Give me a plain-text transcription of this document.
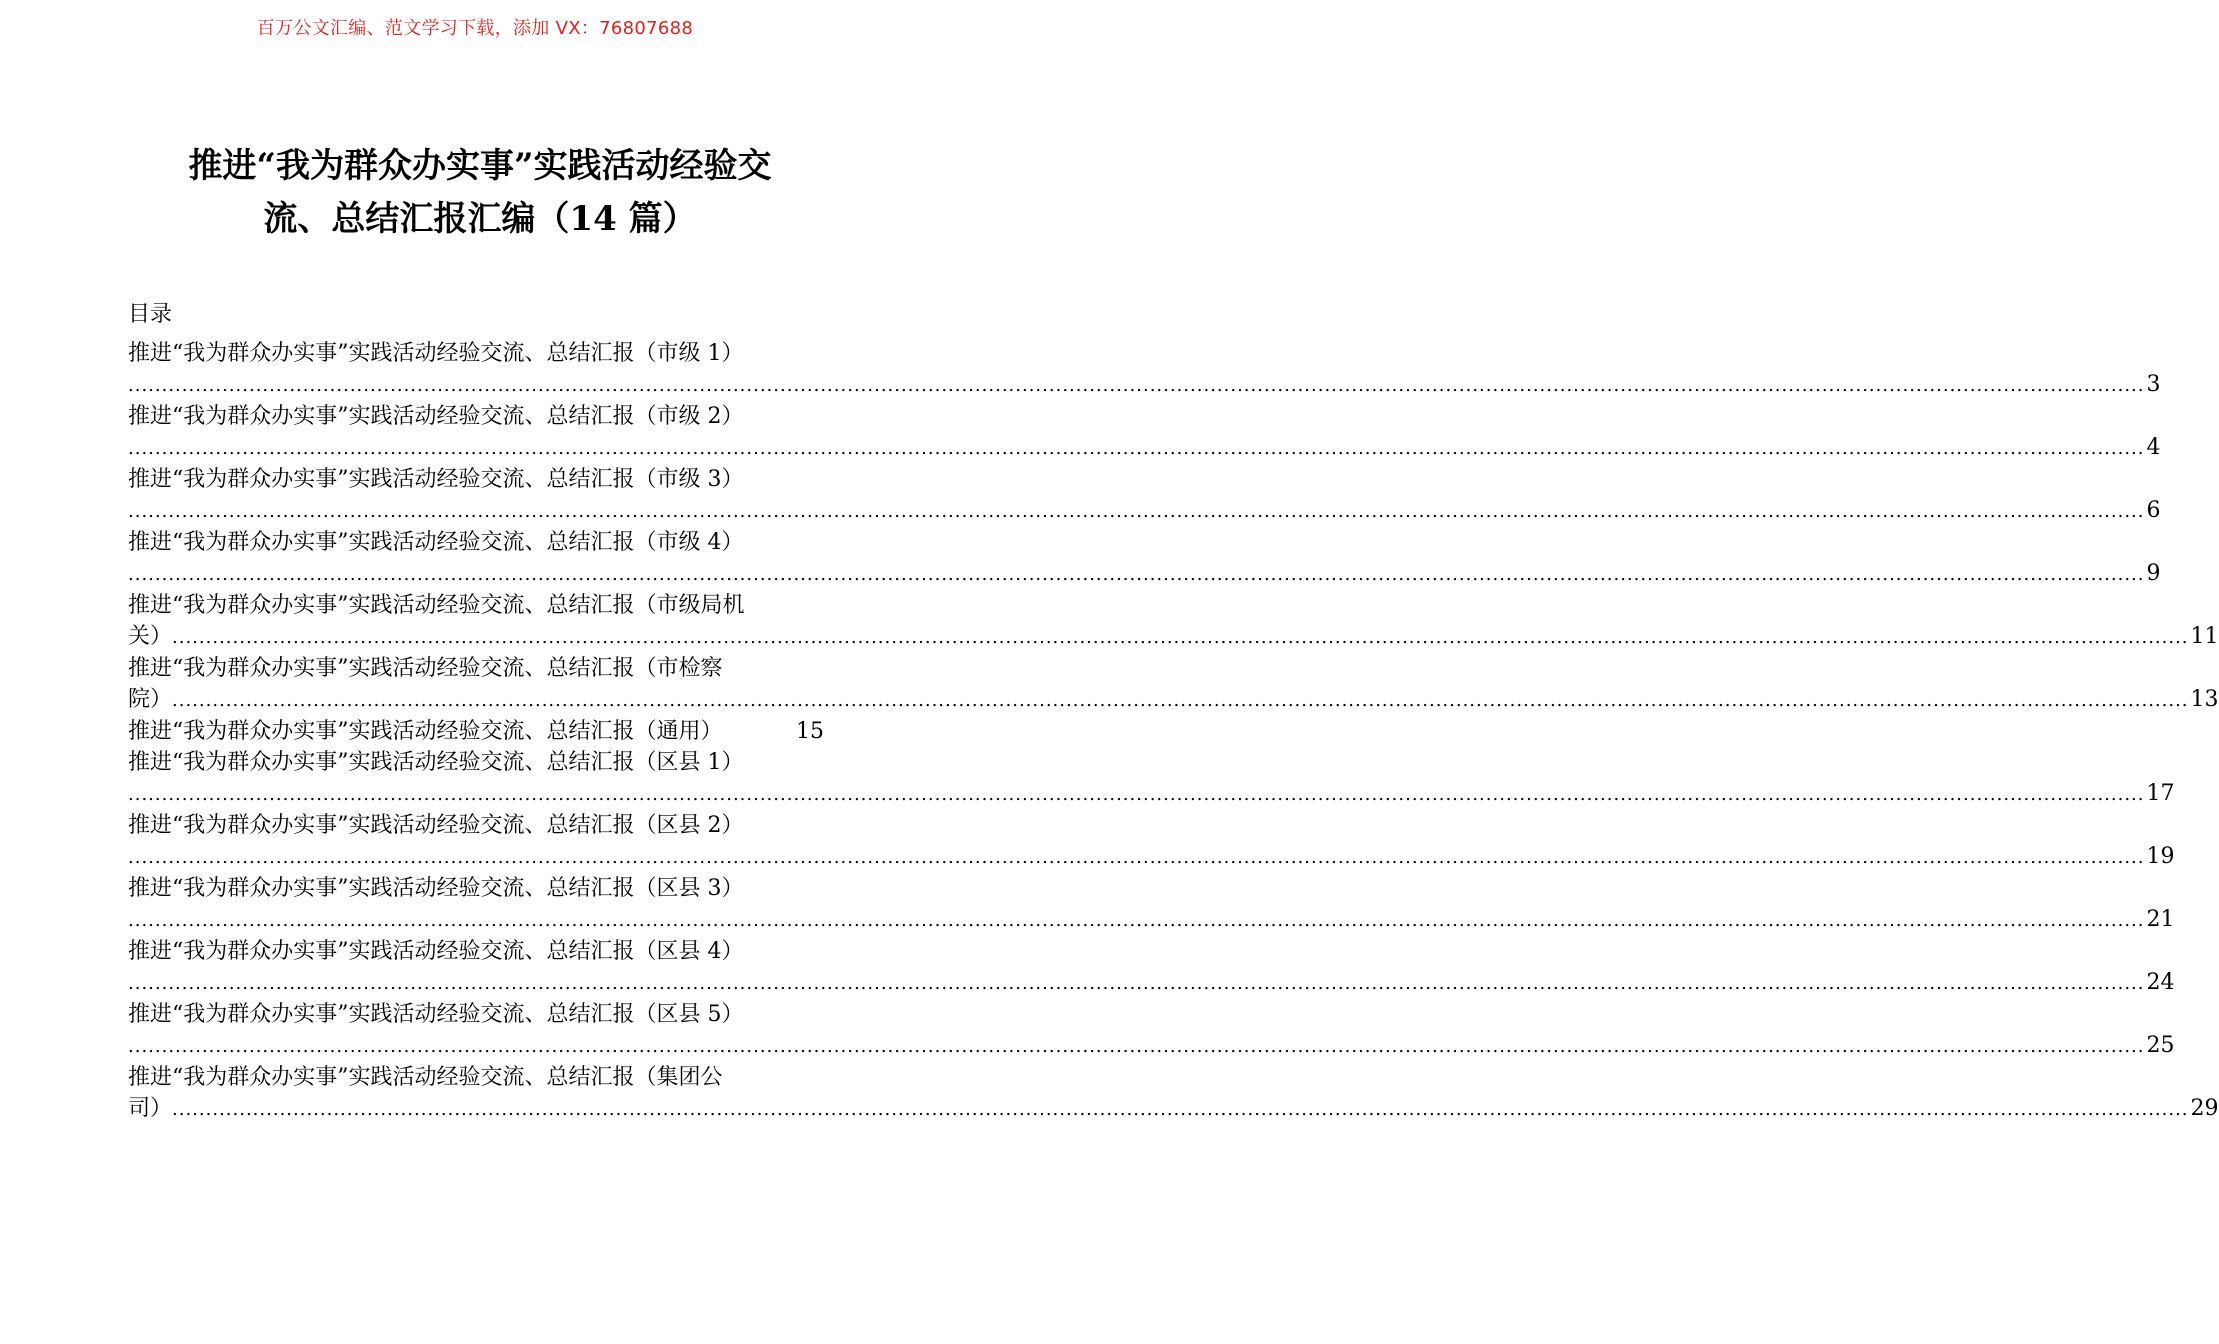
百万公文汇编、范文学习下载，添加 VX：76807688
推进“我为群众办实事”实践活动经验交
流、总结汇报汇编（14 篇）
目录
推进“我为群众办实事”实践活动经验交流、总结汇报（市级 1）
............................................................................................................................................................................................................................................................................................................ 3
推进“我为群众办实事”实践活动经验交流、总结汇报（市级 2）
............................................................................................................................................................................................................................................................................................................ 4
推进“我为群众办实事”实践活动经验交流、总结汇报（市级 3）
............................................................................................................................................................................................................................................................................................................ 6
推进“我为群众办实事”实践活动经验交流、总结汇报（市级 4）
............................................................................................................................................................................................................................................................................................................ 9
推进“我为群众办实事”实践活动经验交流、总结汇报（市级局机
关） ............................................................................................................................................................................................................................................................................................................ 11
推进“我为群众办实事”实践活动经验交流、总结汇报（市检察
院） ............................................................................................................................................................................................................................................................................................................ 13
推进“我为群众办实事”实践活动经验交流、总结汇报（通用）	15
推进“我为群众办实事”实践活动经验交流、总结汇报（区县 1）
............................................................................................................................................................................................................................................................................................................ 17
推进“我为群众办实事”实践活动经验交流、总结汇报（区县 2）
............................................................................................................................................................................................................................................................................................................ 19
推进“我为群众办实事”实践活动经验交流、总结汇报（区县 3）
............................................................................................................................................................................................................................................................................................................ 21
推进“我为群众办实事”实践活动经验交流、总结汇报（区县 4）
............................................................................................................................................................................................................................................................................................................ 24
推进“我为群众办实事”实践活动经验交流、总结汇报（区县 5）
............................................................................................................................................................................................................................................................................................................ 25
推进“我为群众办实事”实践活动经验交流、总结汇报（集团公
司） ............................................................................................................................................................................................................................................................................................................ 29
